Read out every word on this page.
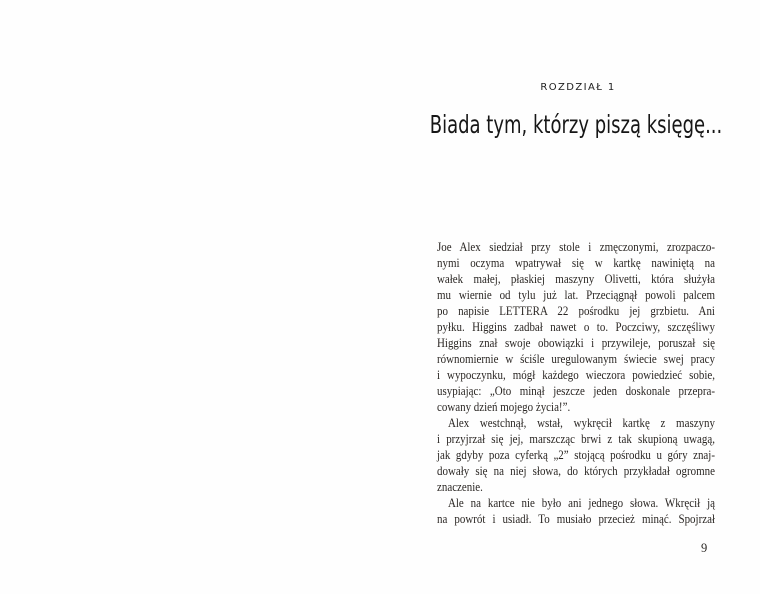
ROZDZIAŁ 1
Biada tym, którzy piszą księgę...
Joe Alex siedział przy stole i zmęczonymi, zrozpaczo-
nymi oczyma wpatrywał się w kartkę nawiniętą na
wałek małej, płaskiej maszyny Olivetti, która służyła
mu wiernie od tylu już lat. Przeciągnął powoli palcem
po napisie LETTERA 22 pośrodku jej grzbietu. Ani
pyłku. Higgins zadbał nawet o to. Poczciwy, szczęśliwy
Higgins znał swoje obowiązki i przywileje, poruszał się
równomiernie w ściśle uregulowanym świecie swej pracy
i wypoczynku, mógł każdego wieczora powiedzieć sobie,
usypiając: „Oto minął jeszcze jeden doskonale przepra-
cowany dzień mojego życia!”.
Alex westchnął, wstał, wykręcił kartkę z maszyny
i przyjrzał się jej, marszcząc brwi z tak skupioną uwagą,
jak gdyby poza cyferką „2” stojącą pośrodku u góry znaj-
dowały się na niej słowa, do których przykładał ogromne
znaczenie.
Ale na kartce nie było ani jednego słowa. Wkręcił ją
na powrót i usiadł. To musiało przecież minąć. Spojrzał
9
